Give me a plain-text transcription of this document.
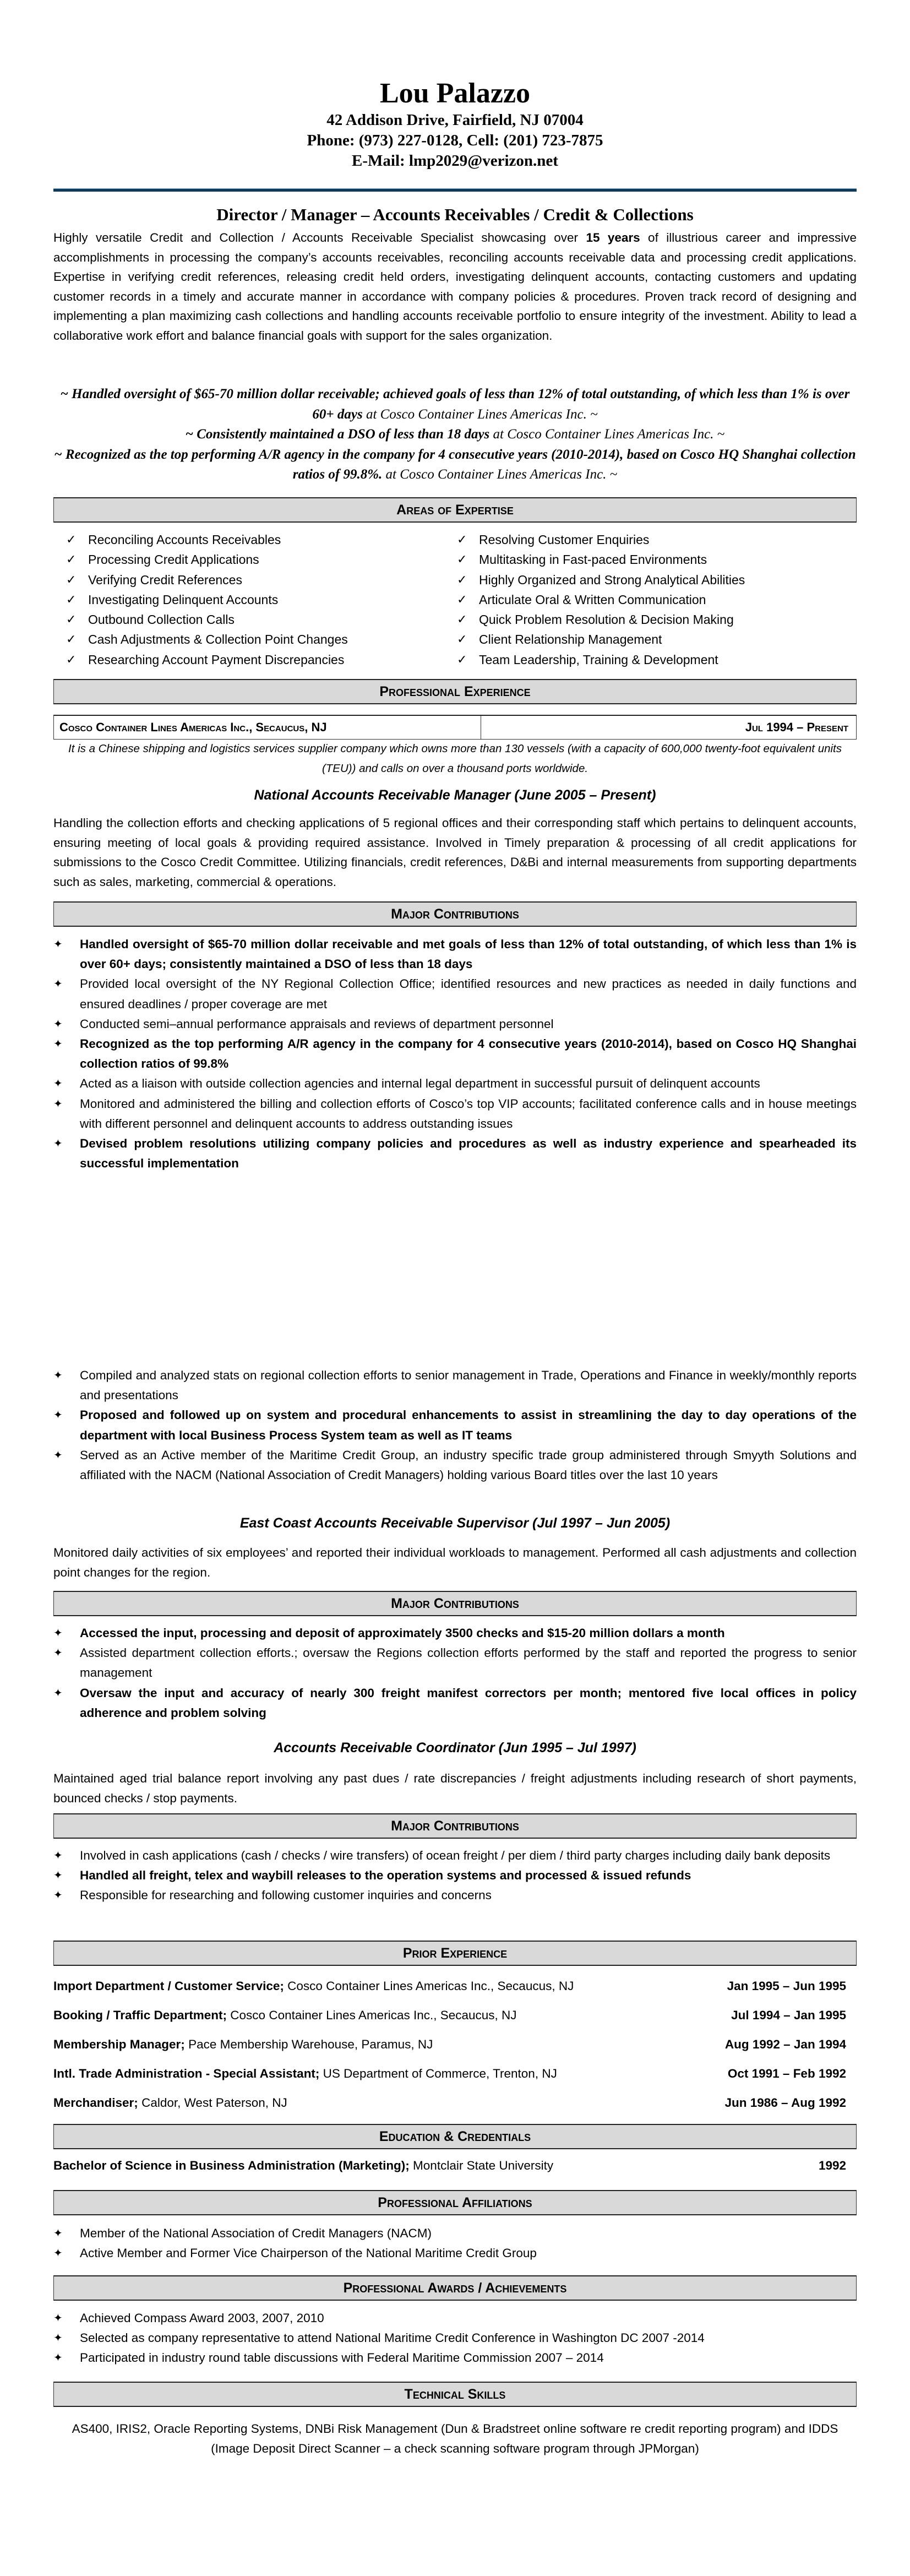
Lou Palazzo
42 Addison Drive, Fairfield, NJ 07004
Phone: (973) 227-0128, Cell: (201) 723-7875
E-Mail: lmp2029@verizon.net
Director / Manager – Accounts Receivables / Credit & Collections
Highly versatile Credit and Collection / Accounts Receivable Specialist showcasing over 15 years of illustrious career and impressive accomplishments in processing the company’s accounts receivables, reconciling accounts receivable data and processing credit applications. Expertise in verifying credit references, releasing credit held orders, investigating delinquent accounts, contacting customers and updating customer records in a timely and accurate manner in accordance with company policies & procedures. Proven track record of designing and implementing a plan maximizing cash collections and handling accounts receivable portfolio to ensure integrity of the investment. Ability to lead a collaborative work effort and balance financial goals with support for the sales organization.
~ Handled oversight of $65-70 million dollar receivable; achieved goals of less than 12% of total outstanding, of which less than 1% is over 60+ days at Cosco Container Lines Americas Inc. ~
~ Consistently maintained a DSO of less than 18 days at Cosco Container Lines Americas Inc. ~
~ Recognized as the top performing A/R agency in the company for 4 consecutive years (2010-2014), based on Cosco HQ Shanghai collection ratios of 99.8%. at Cosco Container Lines Americas Inc. ~
Areas of Expertise
✓ Reconciling Accounts Receivables
✓ Processing Credit Applications
✓ Verifying Credit References
✓ Investigating Delinquent Accounts
✓ Outbound Collection Calls
✓ Cash Adjustments & Collection Point Changes
✓ Researching Account Payment Discrepancies
✓ Resolving Customer Enquiries
✓ Multitasking in Fast-paced Environments
✓ Highly Organized and Strong Analytical Abilities
✓ Articulate Oral & Written Communication
✓ Quick Problem Resolution & Decision Making
✓ Client Relationship Management
✓ Team Leadership, Training & Development
Professional Experience
Cosco Container Lines Americas Inc., Secaucus, NJ	Jul 1994 – Present
It is a Chinese shipping and logistics services supplier company which owns more than 130 vessels (with a capacity of 600,000 twenty-foot equivalent units (TEU)) and calls on over a thousand ports worldwide.
National Accounts Receivable Manager (June 2005 – Present)
Handling the collection efforts and checking applications of 5 regional offices and their corresponding staff which pertains to delinquent accounts, ensuring meeting of local goals & providing required assistance. Involved in Timely preparation & processing of all credit applications for submissions to the Cosco Credit Committee. Utilizing financials, credit references, D&Bi and internal measurements from supporting departments such as sales, marketing, commercial & operations.
Major Contributions
✦	Handled oversight of $65-70 million dollar receivable and met goals of less than 12% of total outstanding, of which less than 1% is over 60+ days; consistently maintained a DSO of less than 18 days
✦	Provided local oversight of the NY Regional Collection Office; identified resources and new practices as needed in daily functions and ensured deadlines / proper coverage are met
✦	Conducted semi–annual performance appraisals and reviews of department personnel
✦	Recognized as the top performing A/R agency in the company for 4 consecutive years (2010-2014), based on Cosco HQ Shanghai collection ratios of 99.8%
✦	Acted as a liaison with outside collection agencies and internal legal department in successful pursuit of delinquent accounts
✦	Monitored and administered the billing and collection efforts of Cosco’s top VIP accounts; facilitated conference calls and in house meetings with different personnel and delinquent accounts to address outstanding issues
✦	Devised problem resolutions utilizing company policies and procedures as well as industry experience and spearheaded its successful implementation
✦	Compiled and analyzed stats on regional collection efforts to senior management in Trade, Operations and Finance in weekly/monthly reports and presentations
✦	Proposed and followed up on system and procedural enhancements to assist in streamlining the day to day operations of the department with local Business Process System team as well as IT teams
✦	Served as an Active member of the Maritime Credit Group, an industry specific trade group administered through Smyyth Solutions and affiliated with the NACM (National Association of Credit Managers) holding various Board titles over the last 10 years
East Coast Accounts Receivable Supervisor (Jul 1997 – Jun 2005)
Monitored daily activities of six employees’ and reported their individual workloads to management. Performed all cash adjustments and collection point changes for the region.
Major Contributions
✦	Accessed the input, processing and deposit of approximately 3500 checks and $15-20 million dollars a month
✦	Assisted department collection efforts.; oversaw the Regions collection efforts performed by the staff and reported the progress to senior management
✦	Oversaw the input and accuracy of nearly 300 freight manifest correctors per month; mentored five local offices in policy adherence and problem solving
Accounts Receivable Coordinator (Jun 1995 – Jul 1997)
Maintained aged trial balance report involving any past dues / rate discrepancies / freight adjustments including research of short payments, bounced checks / stop payments.
Major Contributions
✦	Involved in cash applications (cash / checks / wire transfers) of ocean freight / per diem / third party charges including daily bank deposits
✦	Handled all freight, telex and waybill releases to the operation systems and processed & issued refunds
✦	Responsible for researching and following customer inquiries and concerns
Prior Experience
Import Department / Customer Service; Cosco Container Lines Americas Inc., Secaucus, NJ	Jan 1995 – Jun 1995
Booking / Traffic Department; Cosco Container Lines Americas Inc., Secaucus, NJ	Jul 1994 – Jan 1995
Membership Manager; Pace Membership Warehouse, Paramus, NJ	Aug 1992 – Jan 1994
Intl. Trade Administration - Special Assistant; US Department of Commerce, Trenton, NJ	Oct 1991 – Feb 1992
Merchandiser; Caldor, West Paterson, NJ	Jun 1986 – Aug 1992
Education & Credentials
Bachelor of Science in Business Administration (Marketing); Montclair State University	1992
Professional Affiliations
✦	Member of the National Association of Credit Managers (NACM)
✦	Active Member and Former Vice Chairperson of the National Maritime Credit Group
Professional Awards / Achievements
✦	Achieved Compass Award 2003, 2007, 2010
✦	Selected as company representative to attend National Maritime Credit Conference in Washington DC 2007 -2014
✦	Participated in industry round table discussions with Federal Maritime Commission 2007 – 2014
Technical Skills
AS400, IRIS2, Oracle Reporting Systems, DNBi Risk Management (Dun & Bradstreet online software re credit reporting program) and IDDS (Image Deposit Direct Scanner – a check scanning software program through JPMorgan)
